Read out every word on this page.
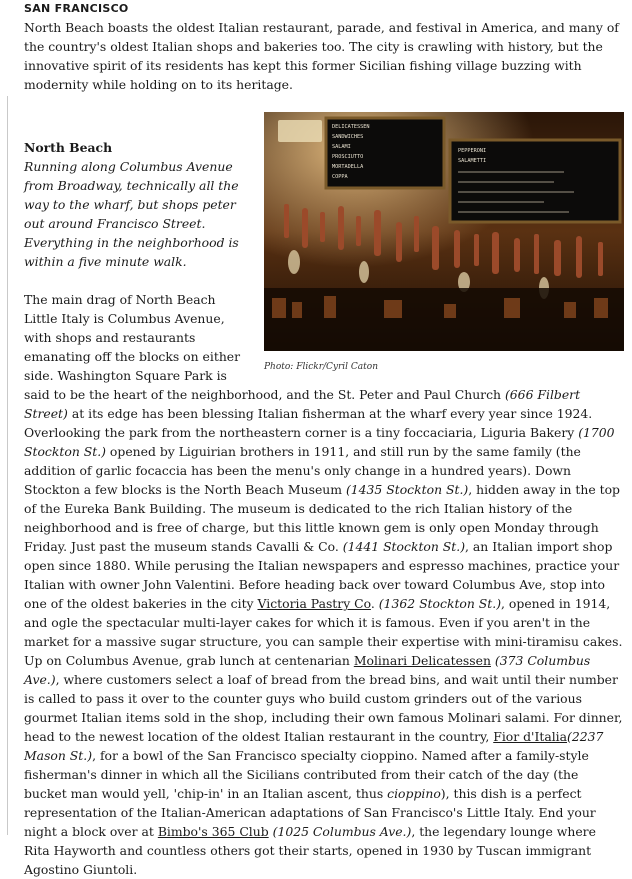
SAN FRANCISCO

North Beach boasts the oldest Italian restaurant, parade, and festival in America, and many of the country's oldest Italian shops and bakeries too. The city is crawling with history, but the innovative spirit of its residents has kept this former Sicilian fishing village buzzing with modernity while holding on to its heritage.

DELICATESSEN
SANDWICHES
SALAMI
PROSCIUTTO
MORTADELLA
COPPA
PEPPERONI
SALAMETTI
Photo: Flickr/Cyril Caton
North Beach

Running along Columbus Avenue from Broadway, technically all the way to the wharf, but shops peter out around Francisco Street. Everything in the neighborhood is within a five minute walk.

The main drag of North Beach Little Italy is Columbus Avenue, with shops and restaurants emanating off the blocks on either side. Washington Square Park is said to be the heart of the neighborhood, and the St. Peter and Paul Church (666 Filbert Street) at its edge has been blessing Italian fisherman at the wharf every year since 1924. Overlooking the park from the northeastern corner is a tiny foccaciaria, Liguria Bakery (1700 Stockton St.) opened by Liguirian brothers in 1911, and still run by the same family (the addition of garlic focaccia has been the menu's only change in a hundred years). Down Stockton a few blocks is the North Beach Museum (1435 Stockton St.), hidden away in the top of the Eureka Bank Building. The museum is dedicated to the rich Italian history of the neighborhood and is free of charge, but this little known gem is only open Monday through Friday. Just past the museum stands Cavalli & Co. (1441 Stockton St.), an Italian import shop open since 1880. While perusing the Italian newspapers and espresso machines, practice your Italian with owner John Valentini. Before heading back over toward Columbus Ave, stop into one of the oldest bakeries in the city Victoria Pastry Co. (1362 Stockton St.), opened in 1914, and ogle the spectacular multi-layer cakes for which it is famous. Even if you aren't in the market for a massive sugar structure, you can sample their expertise with mini-tiramisu cakes. Up on Columbus Avenue, grab lunch at centenarian Molinari Delicatessen (373 Columbus Ave.), where customers select a loaf of bread from the bread bins, and wait until their number is called to pass it over to the counter guys who build custom grinders out of the various gourmet Italian items sold in the shop, including their own famous Molinari salami. For dinner, head to the newest location of the oldest Italian restaurant in the country, Fior d'Italia(2237 Mason St.), for a bowl of the San Francisco specialty cioppino. Named after a family-style fisherman's dinner in which all the Sicilians contributed from their catch of the day (the bucket man would yell, 'chip-in' in an Italian ascent, thus cioppino), this dish is a perfect representation of the Italian-American adaptations of San Francisco's Little Italy. End your night a block over at Bimbo's 365 Club (1025 Columbus Ave.), the legendary lounge where Rita Hayworth and countless others got their starts, opened in 1930 by Tuscan immigrant Agostino Giuntoli.
